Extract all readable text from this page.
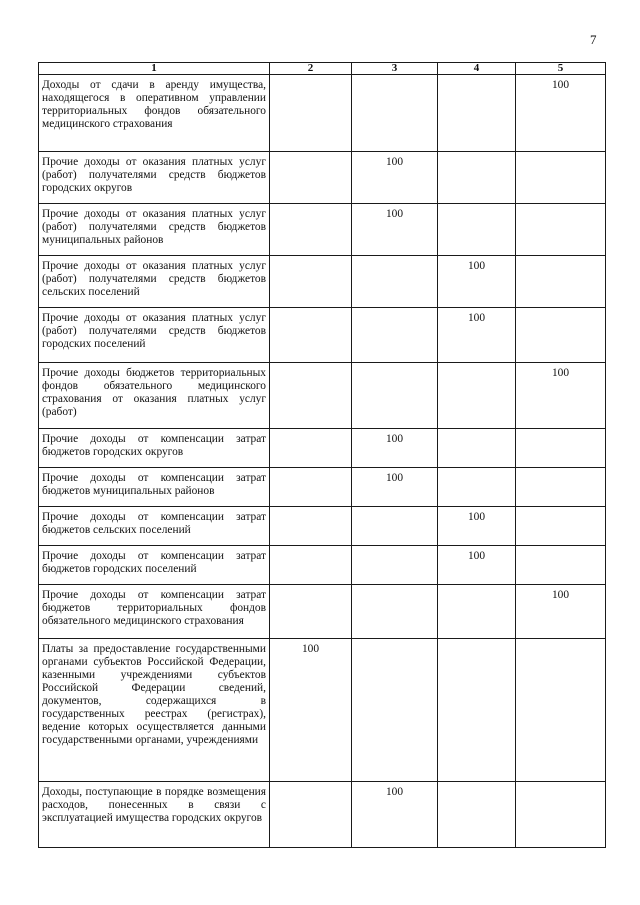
7
1	2	3	4	5
Доходы от сдачи в аренду имущества, находящегося в оперативном управлении территориальных фондов обязательного медицинского страхования				100
Прочие доходы от оказания платных услуг (работ) получателями средств бюджетов городских округов		100		
Прочие доходы от оказания платных услуг (работ) получателями средств бюджетов муниципальных районов		100		
Прочие доходы от оказания платных услуг (работ) получателями средств бюджетов сельских поселений			100	
Прочие доходы от оказания платных услуг (работ) получателями средств бюджетов городских поселений			100	
Прочие доходы бюджетов территориальных фондов обязательного медицинского страхования от оказания платных услуг (работ)				100
Прочие доходы от компенсации затрат бюджетов городских округов		100		
Прочие доходы от компенсации затрат бюджетов муниципальных районов		100		
Прочие доходы от компенсации затрат бюджетов сельских поселений			100	
Прочие доходы от компенсации затрат бюджетов городских поселений			100	
Прочие доходы от компенсации затрат бюджетов территориальных фондов обязательного медицинского страхования				100
Платы за предоставление государственными органами субъектов Российской Федерации, казенными учреждениями субъектов Российской Федерации сведений, документов, содержащихся в государственных реестрах (регистрах), ведение которых осуществляется данными государственными органами, учреждениями	100			
Доходы, поступающие в порядке возмещения расходов, понесенных в связи с эксплуатацией имущества городских округов		100		
